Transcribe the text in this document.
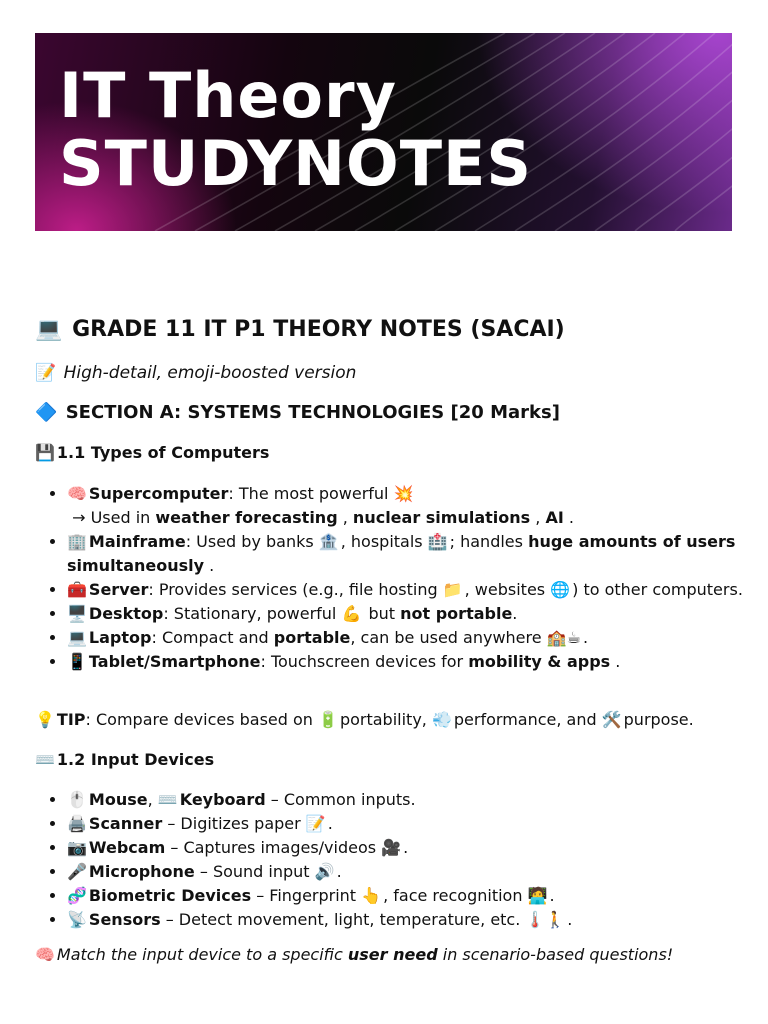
IT Theory
STUDYNOTES
💻 GRADE 11 IT P1 THEORY NOTES (SACAI)
📝 High-detail, emoji-boosted version
🔷 SECTION A: SYSTEMS TECHNOLOGIES [20 Marks]
💾 1.1 Types of Computers
• 🧠 Supercomputer: The most powerful 💥
→ Used in weather forecasting , nuclear simulations , AI .
• 🏢 Mainframe: Used by banks 🏦 , hospitals 🏥 ; handles huge amounts of users simultaneously .
• 🧰 Server: Provides services (e.g., file hosting 📁 , websites 🌐 ) to other computers.
• 🖥️ Desktop: Stationary, powerful 💪 but not portable.
• 💻 Laptop: Compact and portable, can be used anywhere 🏫☕ .
• 📱 Tablet/Smartphone: Touchscreen devices for mobility & apps .
💡 TIP: Compare devices based on 🔋 portability, 💨 performance, and 🛠️ purpose.
⌨️ 1.2 Input Devices
• 🖱️ Mouse, ⌨️ Keyboard – Common inputs.
• 🖨️ Scanner – Digitizes paper 📝 .
• 📷 Webcam – Captures images/videos 🎥 .
• 🎤 Microphone – Sound input 🔊 .
• 🧬 Biometric Devices – Fingerprint 👆 , face recognition 🧑‍💻 .
• 📡 Sensors – Detect movement, light, temperature, etc. 🌡️🚶 .
🧠 Match the input device to a specific user need in scenario-based questions!
